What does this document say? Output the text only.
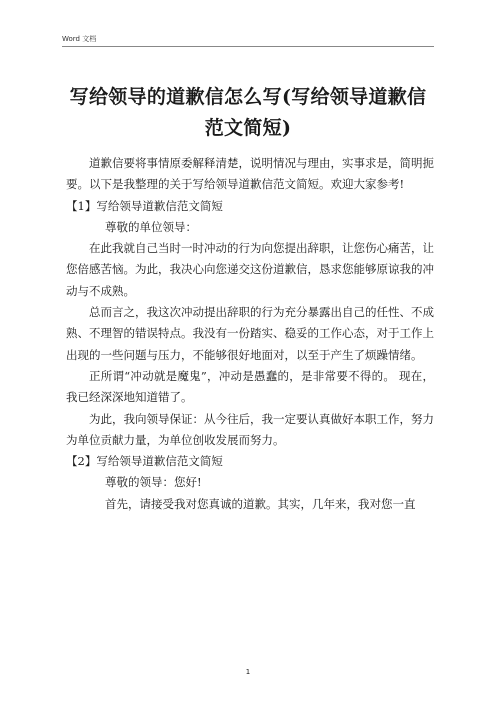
Word 文档
写给领导的道歉信怎么写(写给领导道歉信
范文简短)

道歉信要将事情原委解释清楚，说明情况与理由，实事求是，简明扼要。以下是我整理的关于写给领导道歉信范文简短。欢迎大家参考!

【1】写给领导道歉信范文简短

尊敬的单位领导：

在此我就自己当时一时冲动的行为向您提出辞职，让您伤心痛苦，让您倍感苦恼。为此，我决心向您递交这份道歉信，恳求您能够原谅我的冲动与不成熟。

总而言之，我这次冲动提出辞职的行为充分暴露出自己的任性、不成熟、不理智的错误特点。我没有一份踏实、稳妥的工作心态，对于工作上出现的一些问题与压力，不能够很好地面对，以至于产生了烦躁情绪。

正所谓“冲动就是魔鬼”，冲动是愚蠢的，是非常要不得的。 现在，我已经深深地知道错了。

为此，我向领导保证：从今往后，我一定要认真做好本职工作，努力为单位贡献力量，为单位创收发展而努力。

【2】写给领导道歉信范文简短

尊敬的领导：您好!

首先，请接受我对您真诚的道歉。其实，几年来，我对您一直

1
